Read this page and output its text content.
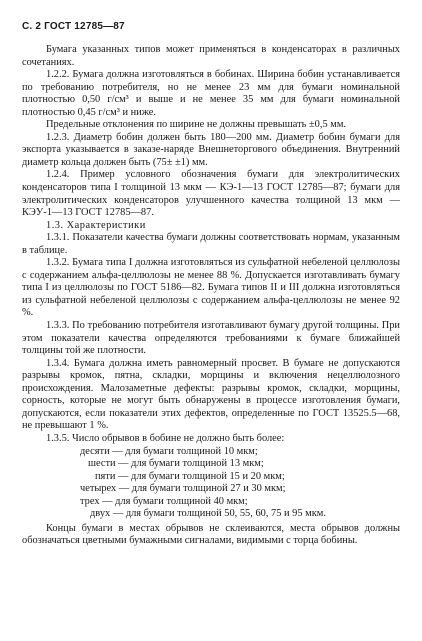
С. 2 ГОСТ 12785—87

Бумага указанных типов может применяться в конденсаторах в различных сочетаниях.

1.2.2. Бумага должна изготовляться в бобинах. Ширина бобин устанавливается по требованию потребителя, но не менее 23 мм для бумаги номинальной плотностью 0,50 г/см³ и выше и не менее 35 мм для бумаги номинальной плотностью 0,45 г/см³ и ниже.

Предельные отклонения по ширине не должны превышать ±0,5 мм.

1.2.3. Диаметр бобин должен быть 180—200 мм. Диаметр бобин бумаги для экспорта указывается в заказе-наряде Внешнеторгового объединения. Внутренний диаметр кольца должен быть (75± ±1) мм.

1.2.4. Пример условного обозначения бумаги для электролитических конденсаторов типа I толщиной 13 мкм — КЭ-1—13 ГОСТ 12785—87; бумаги для электролитических конденсаторов улучшенного качества толщиной 13 мкм — КЭУ-1—13 ГОСТ 12785—87.

1.3. Характеристики

1.3.1. Показатели качества бумаги должны соответствовать нормам, указанным в таблице.

1.3.2. Бумага типа I должна изготовляться из сульфатной небеленой целлюлозы с содержанием альфа-целлюлозы не менее 88 %. Допускается изготавливать бумагу типа I из целлюлозы по ГОСТ 5186—82. Бумага типов II и III должна изготовляться из сульфатной небеленой целлюлозы с содержанием альфа-целлюлозы не менее 92 %.

1.3.3. По требованию потребителя изготавливают бумагу другой толщины. При этом показатели качества определяются требованиями к бумаге ближайшей толщины той же плотности.

1.3.4. Бумага должна иметь равномерный просвет. В бумаге не допускаются разрывы кромок, пятна, складки, морщины и включения нецеллюлозного происхождения. Малозаметные дефекты: разрывы кромок, складки, морщины, сорность, которые не могут быть обнаружены в процессе изготовления бумаги, допускаются, если показатели этих дефектов, определенные по ГОСТ 13525.5—68, не превышают 1 %.

1.3.5. Число обрывов в бобине не должно быть более:

десяти — для бумаги толщиной 10 мкм;
шести — для бумаги толщиной 13 мкм;
пяти — для бумаги толщиной 15 и 20 мкм;
четырех — для бумаги толщиной 27 и 30 мкм;
трех — для бумаги толщиной 40 мкм;
двух — для бумаги толщиной 50, 55, 60, 75 и 95 мкм.

Концы бумаги в местах обрывов не склеиваются, места обрывов должны обозначаться цветными бумажными сигналами, видимыми с торца бобины.
